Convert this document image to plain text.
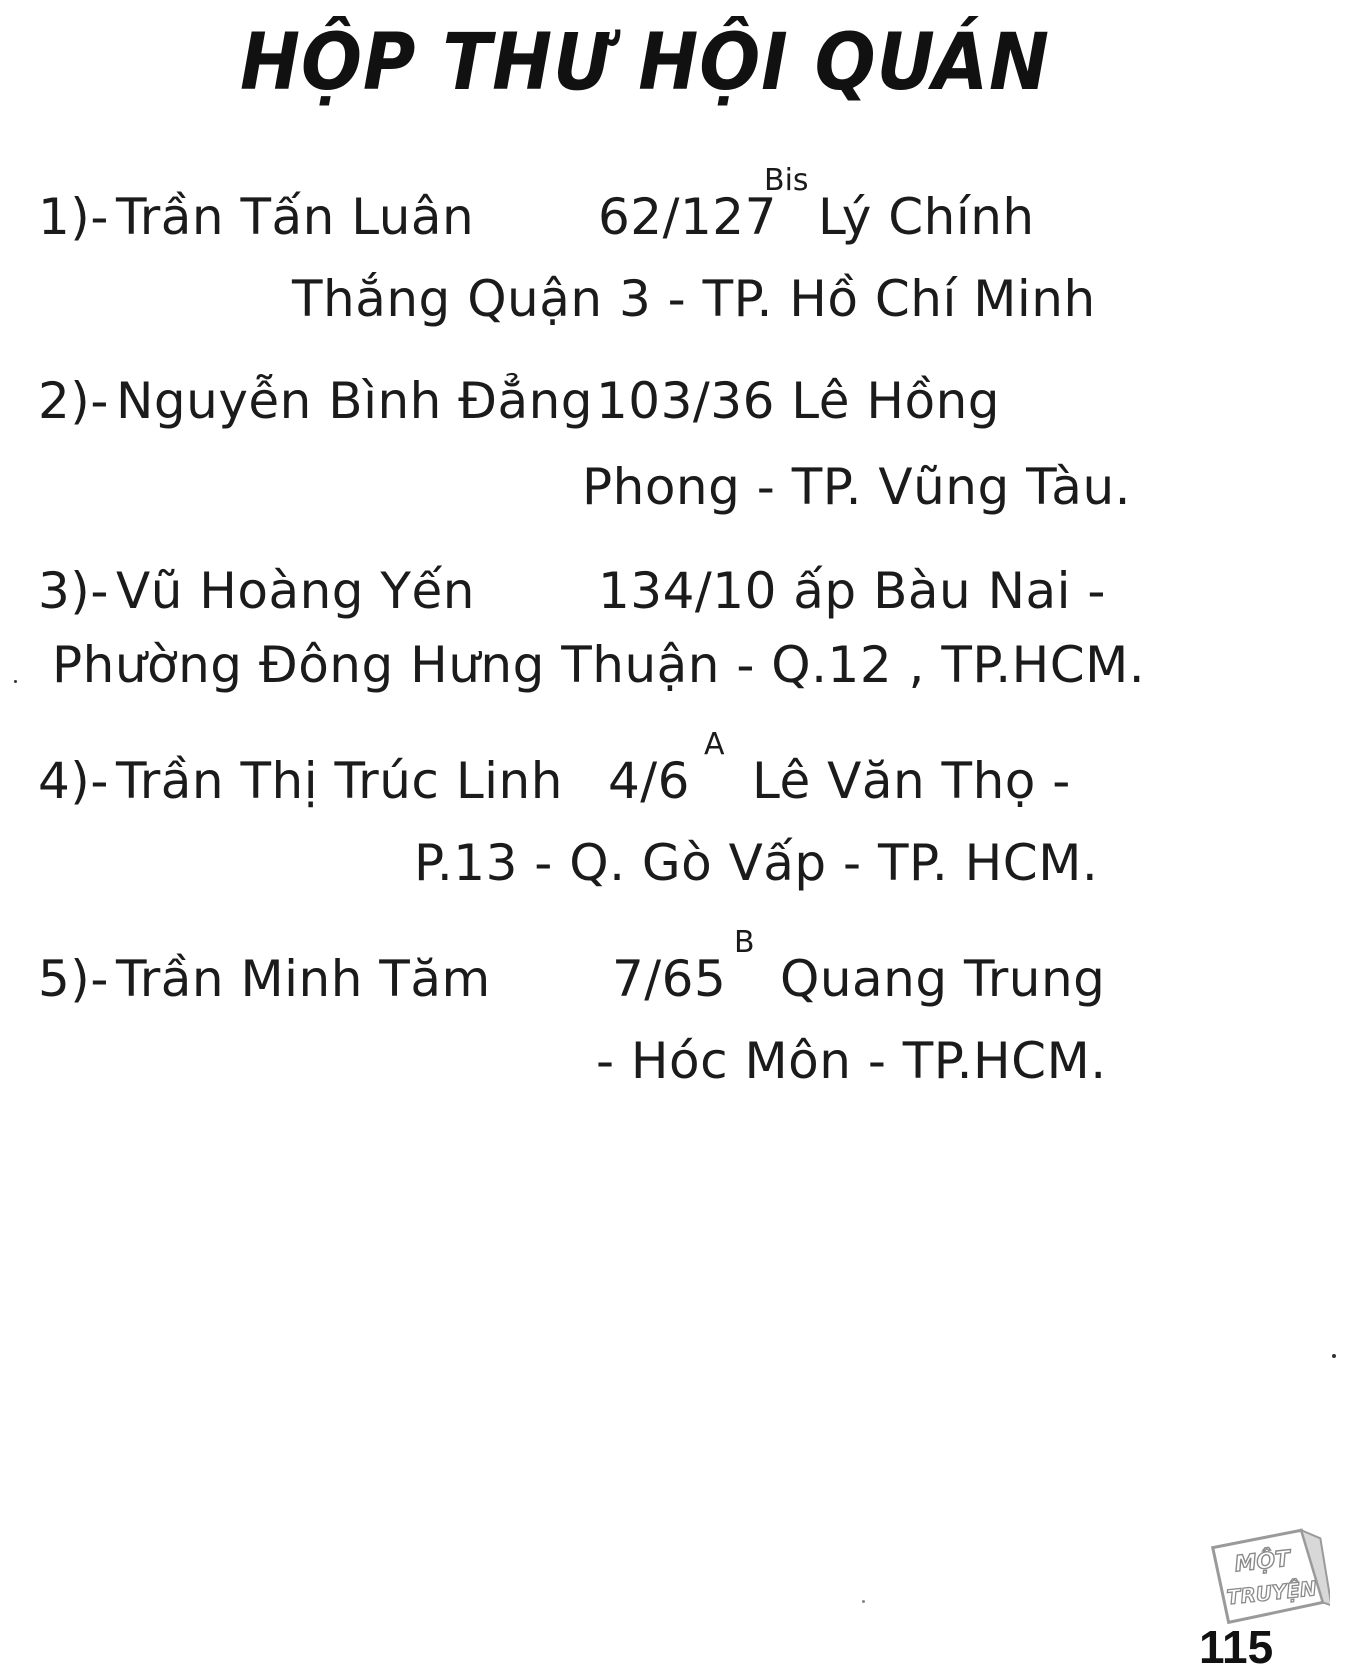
HỘP THƯ HỘI QUÁN
1)- Trần Tấn Luân 62/127
Bis
Lý Chính
Thắng Quận 3 - TP. Hồ Chí Minh
2)- Nguyễn Bình Đẳng 103/36 Lê Hồng
Phong - TP. Vũng Tàu.
3)- Vũ Hoàng Yến 134/10 ấp Bàu Nai -
Phường Đông Hưng Thuận - Q.12 , TP.HCM.
4)- Trần Thị Trúc Linh 4/6
A
Lê Văn Thọ -
P.13 - Q. Gò Vấp - TP. HCM.
5)- Trần Minh Tăm 7/65
B
Quang Trung
- Hóc Môn - TP.HCM.
MỘT
TRUYỆN
115
